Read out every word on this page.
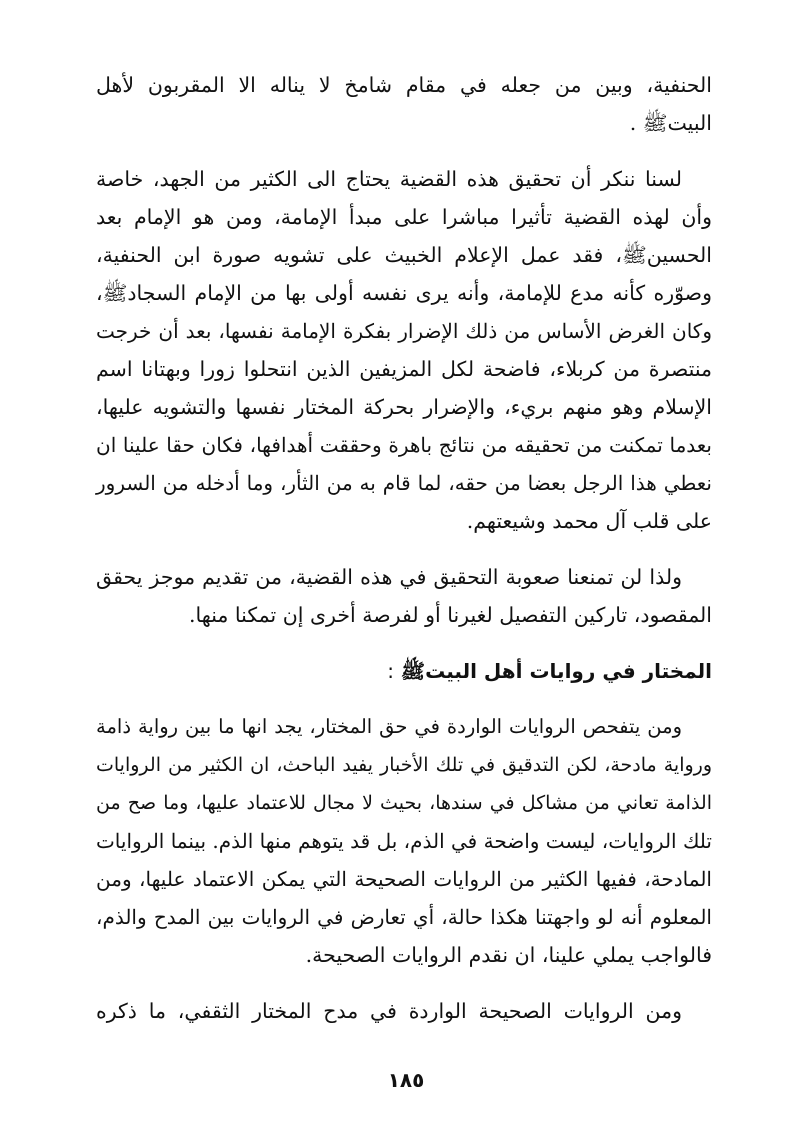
الحنفية، وبين من جعله في مقام شامخ لا يناله الا المقربون لأهل
البيتﷺ .
لسنا ننكر أن تحقيق هذه القضية يحتاج الى الكثير من الجهد، خاصة
وأن لهذه القضية تأثيرا مباشرا على مبدأ الإمامة، ومن هو الإمام بعد
الحسينﷺ، فقد عمل الإعلام الخبيث على تشويه صورة ابن الحنفية،
وصوّره كأنه مدع للإمامة، وأنه يرى نفسه أولى بها من الإمام السجادﷺ،
وكان الغرض الأساس من ذلك الإضرار بفكرة الإمامة نفسها، بعد أن خرجت
منتصرة من كربلاء، فاضحة لكل المزيفين الذين انتحلوا زورا وبهتانا اسم
الإسلام وهو منهم بريء، والإضرار بحركة المختار نفسها والتشويه عليها،
بعدما تمكنت من تحقيقه من نتائج باهرة وحققت أهدافها، فكان حقا علينا ان
نعطي هذا الرجل بعضا من حقه، لما قام به من الثأر، وما أدخله من السرور
على قلب آل محمد وشيعتهم.
ولذا لن تمنعنا صعوبة التحقيق في هذه القضية، من تقديم موجز يحقق
المقصود، تاركين التفصيل لغيرنا أو لفرصة أخرى إن تمكنا منها.
المختار في روايات أهل البيتﷺ :
ومن يتفحص الروايات الواردة في حق المختار، يجد انها ما بين رواية ذامة
ورواية مادحة، لكن التدقيق في تلك الأخبار يفيد الباحث، ان الكثير من الروايات
الذامة تعاني من مشاكل في سندها، بحيث لا مجال للاعتماد عليها، وما صح من
تلك الروايات، ليست واضحة في الذم، بل قد يتوهم منها الذم. بينما الروايات
المادحة، ففيها الكثير من الروايات الصحيحة التي يمكن الاعتماد عليها، ومن
المعلوم أنه لو واجهتنا هكذا حالة، أي تعارض في الروايات بين المدح والذم،
فالواجب يملي علينا، ان نقدم الروايات الصحيحة.
ومن الروايات الصحيحة الواردة في مدح المختار الثقفي، ما ذكره
١٨٥
